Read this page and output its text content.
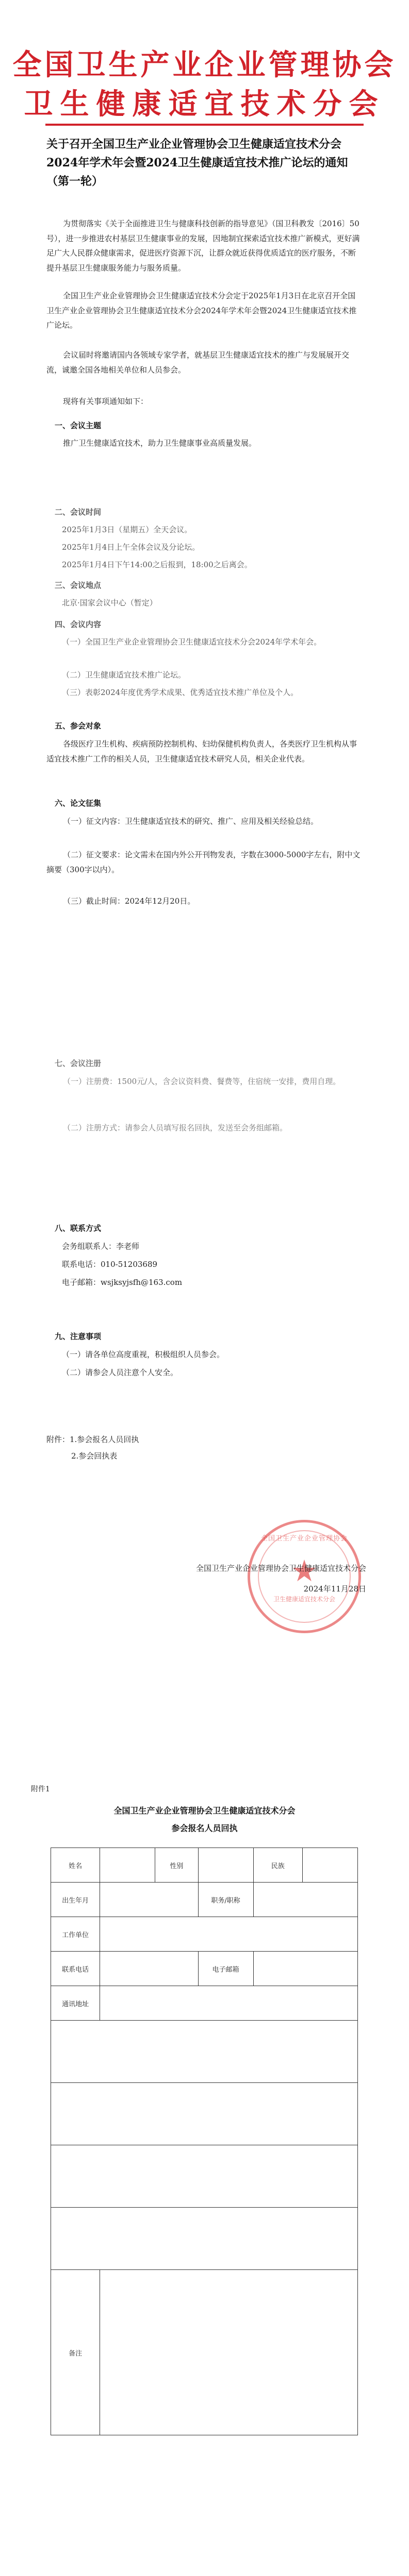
全国卫生产业企业管理协会
卫生健康适宜技术分会
关于召开全国卫生产业企业管理协会卫生健康适宜技术分会2024年学术年会暨2024卫生健康适宜技术推广论坛的通知（第一轮）

为贯彻落实《关于全面推进卫生与健康科技创新的指导意见》（国卫科教发〔2016〕50号），进一步推进农村基层卫生健康事业的发展，因地制宜探索适宜技术推广新模式，更好满足广大人民群众健康需求，促进医疗资源下沉，让群众就近获得优质适宜的医疗服务，不断提升基层卫生健康服务能力与服务质量。

全国卫生产业企业管理协会卫生健康适宜技术分会定于2025年1月3日在北京召开全国卫生产业企业管理协会卫生健康适宜技术分会2024年学术年会暨2024卫生健康适宜技术推广论坛。

会议届时将邀请国内各领域专家学者，就基层卫生健康适宜技术的推广与发展展开交流，诚邀全国各地相关单位和人员参会。

现将有关事项通知如下：

一、会议主题

推广卫生健康适宜技术，助力卫生健康事业高质量发展。

二、会议时间

2025年1月3日（星期五）全天会议。

2025年1月4日上午全体会议及分论坛。

2025年1月4日下午14:00之后报到，18:00之后离会。

三、会议地点

北京·国家会议中心（暂定）

四、会议内容

（一）全国卫生产业企业管理协会卫生健康适宜技术分会2024年学术年会。

（二）卫生健康适宜技术推广论坛。

（三）表彰2024年度优秀学术成果、优秀适宜技术推广单位及个人。

五、参会对象

各级医疗卫生机构、疾病预防控制机构、妇幼保健机构负责人，各类医疗卫生机构从事适宜技术推广工作的相关人员，卫生健康适宜技术研究人员，相关企业代表。

六、论文征集

（一）征文内容：卫生健康适宜技术的研究、推广、应用及相关经验总结。

（二）征文要求：论文需未在国内外公开刊物发表，字数在3000-5000字左右，附中文摘要（300字以内）。

（三）截止时间：2024年12月20日。

七、会议注册

（一）注册费：1500元/人，含会议资料费、餐费等，住宿统一安排，费用自理。

（二）注册方式：请参会人员填写报名回执，发送至会务组邮箱。

八、联系方式

会务组联系人：李老师

联系电话：010-51203689

电子邮箱：wsjksyjsfh@163.com

九、注意事项

（一）请各单位高度重视，积极组织人员参会。

（二）请参会人员注意个人安全。

附件：1.参会报名人员回执

2.参会回执表

全国卫生产业企业管理协会
★
卫生健康适宜技术分会
全国卫生产业企业管理协会卫生健康适宜技术分会
2024年11月28日
附件1
全国卫生产业企业管理协会卫生健康适宜技术分会
参会报名人员回执
姓名		性别		民族	
出生年月			职务/职称		
工作单位					
联系电话			电子邮箱		
通讯地址					

备注					
